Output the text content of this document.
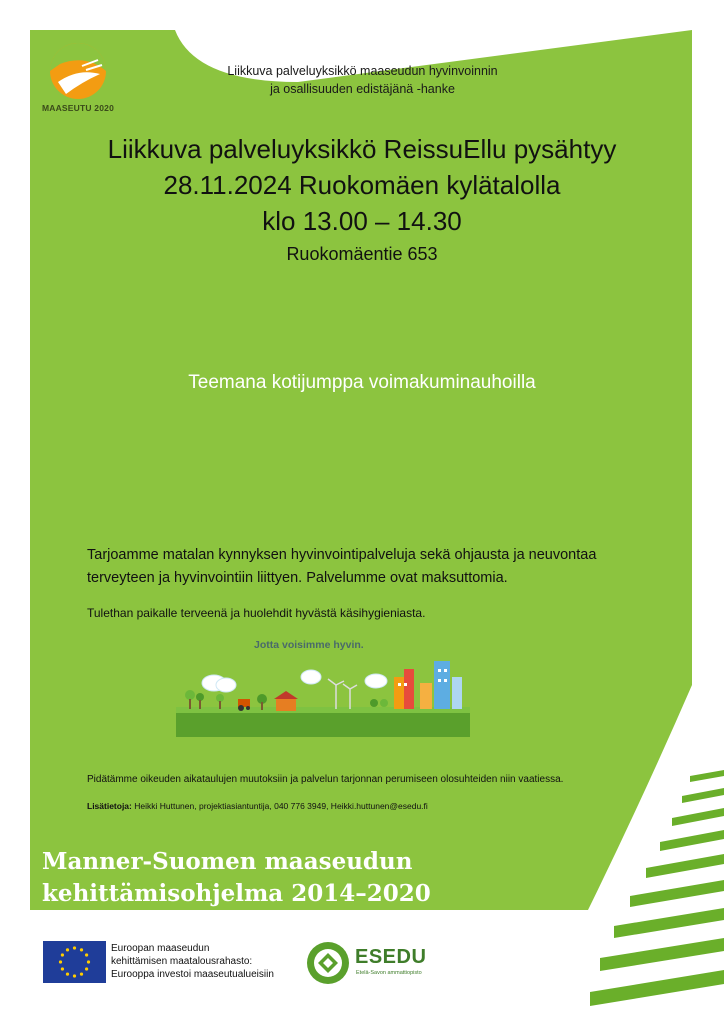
MAASEUTU 2020
Liikkuva palveluyksikkö maaseudun hyvinvoinnin
ja osallisuuden edistäjänä -hanke
Liikkuva palveluyksikkö ReissuEllu pysähtyy
28.11.2024 Ruokomäen kylätalolla
klo 13.00 – 14.30
Ruokomäentie 653
Teemana kotijumppa voimakuminauhoilla
Tarjoamme matalan kynnyksen hyvinvointipalveluja sekä ohjausta ja neuvontaa terveyteen ja hyvinvointiin liittyen. Palvelumme ovat maksuttomia.
Tulethan paikalle terveenä ja huolehdit hyvästä käsihygieniasta.
Jotta voisimme hyvin.
Pidätämme oikeuden aikataulujen muutoksiin ja palvelun tarjonnan perumiseen olosuhteiden niin vaatiessa.
Lisätietoja: Heikki Huttunen, projektiasiantuntija, 040 776 3949, Heikki.huttunen@esedu.fi
Manner-Suomen maaseudun
kehittämisohjelma 2014–2020
Euroopan maaseudun
kehittämisen maatalousrahasto:
Eurooppa investoi maaseutualueisiin
ESEDU
Etelä-Savon ammattiopisto
